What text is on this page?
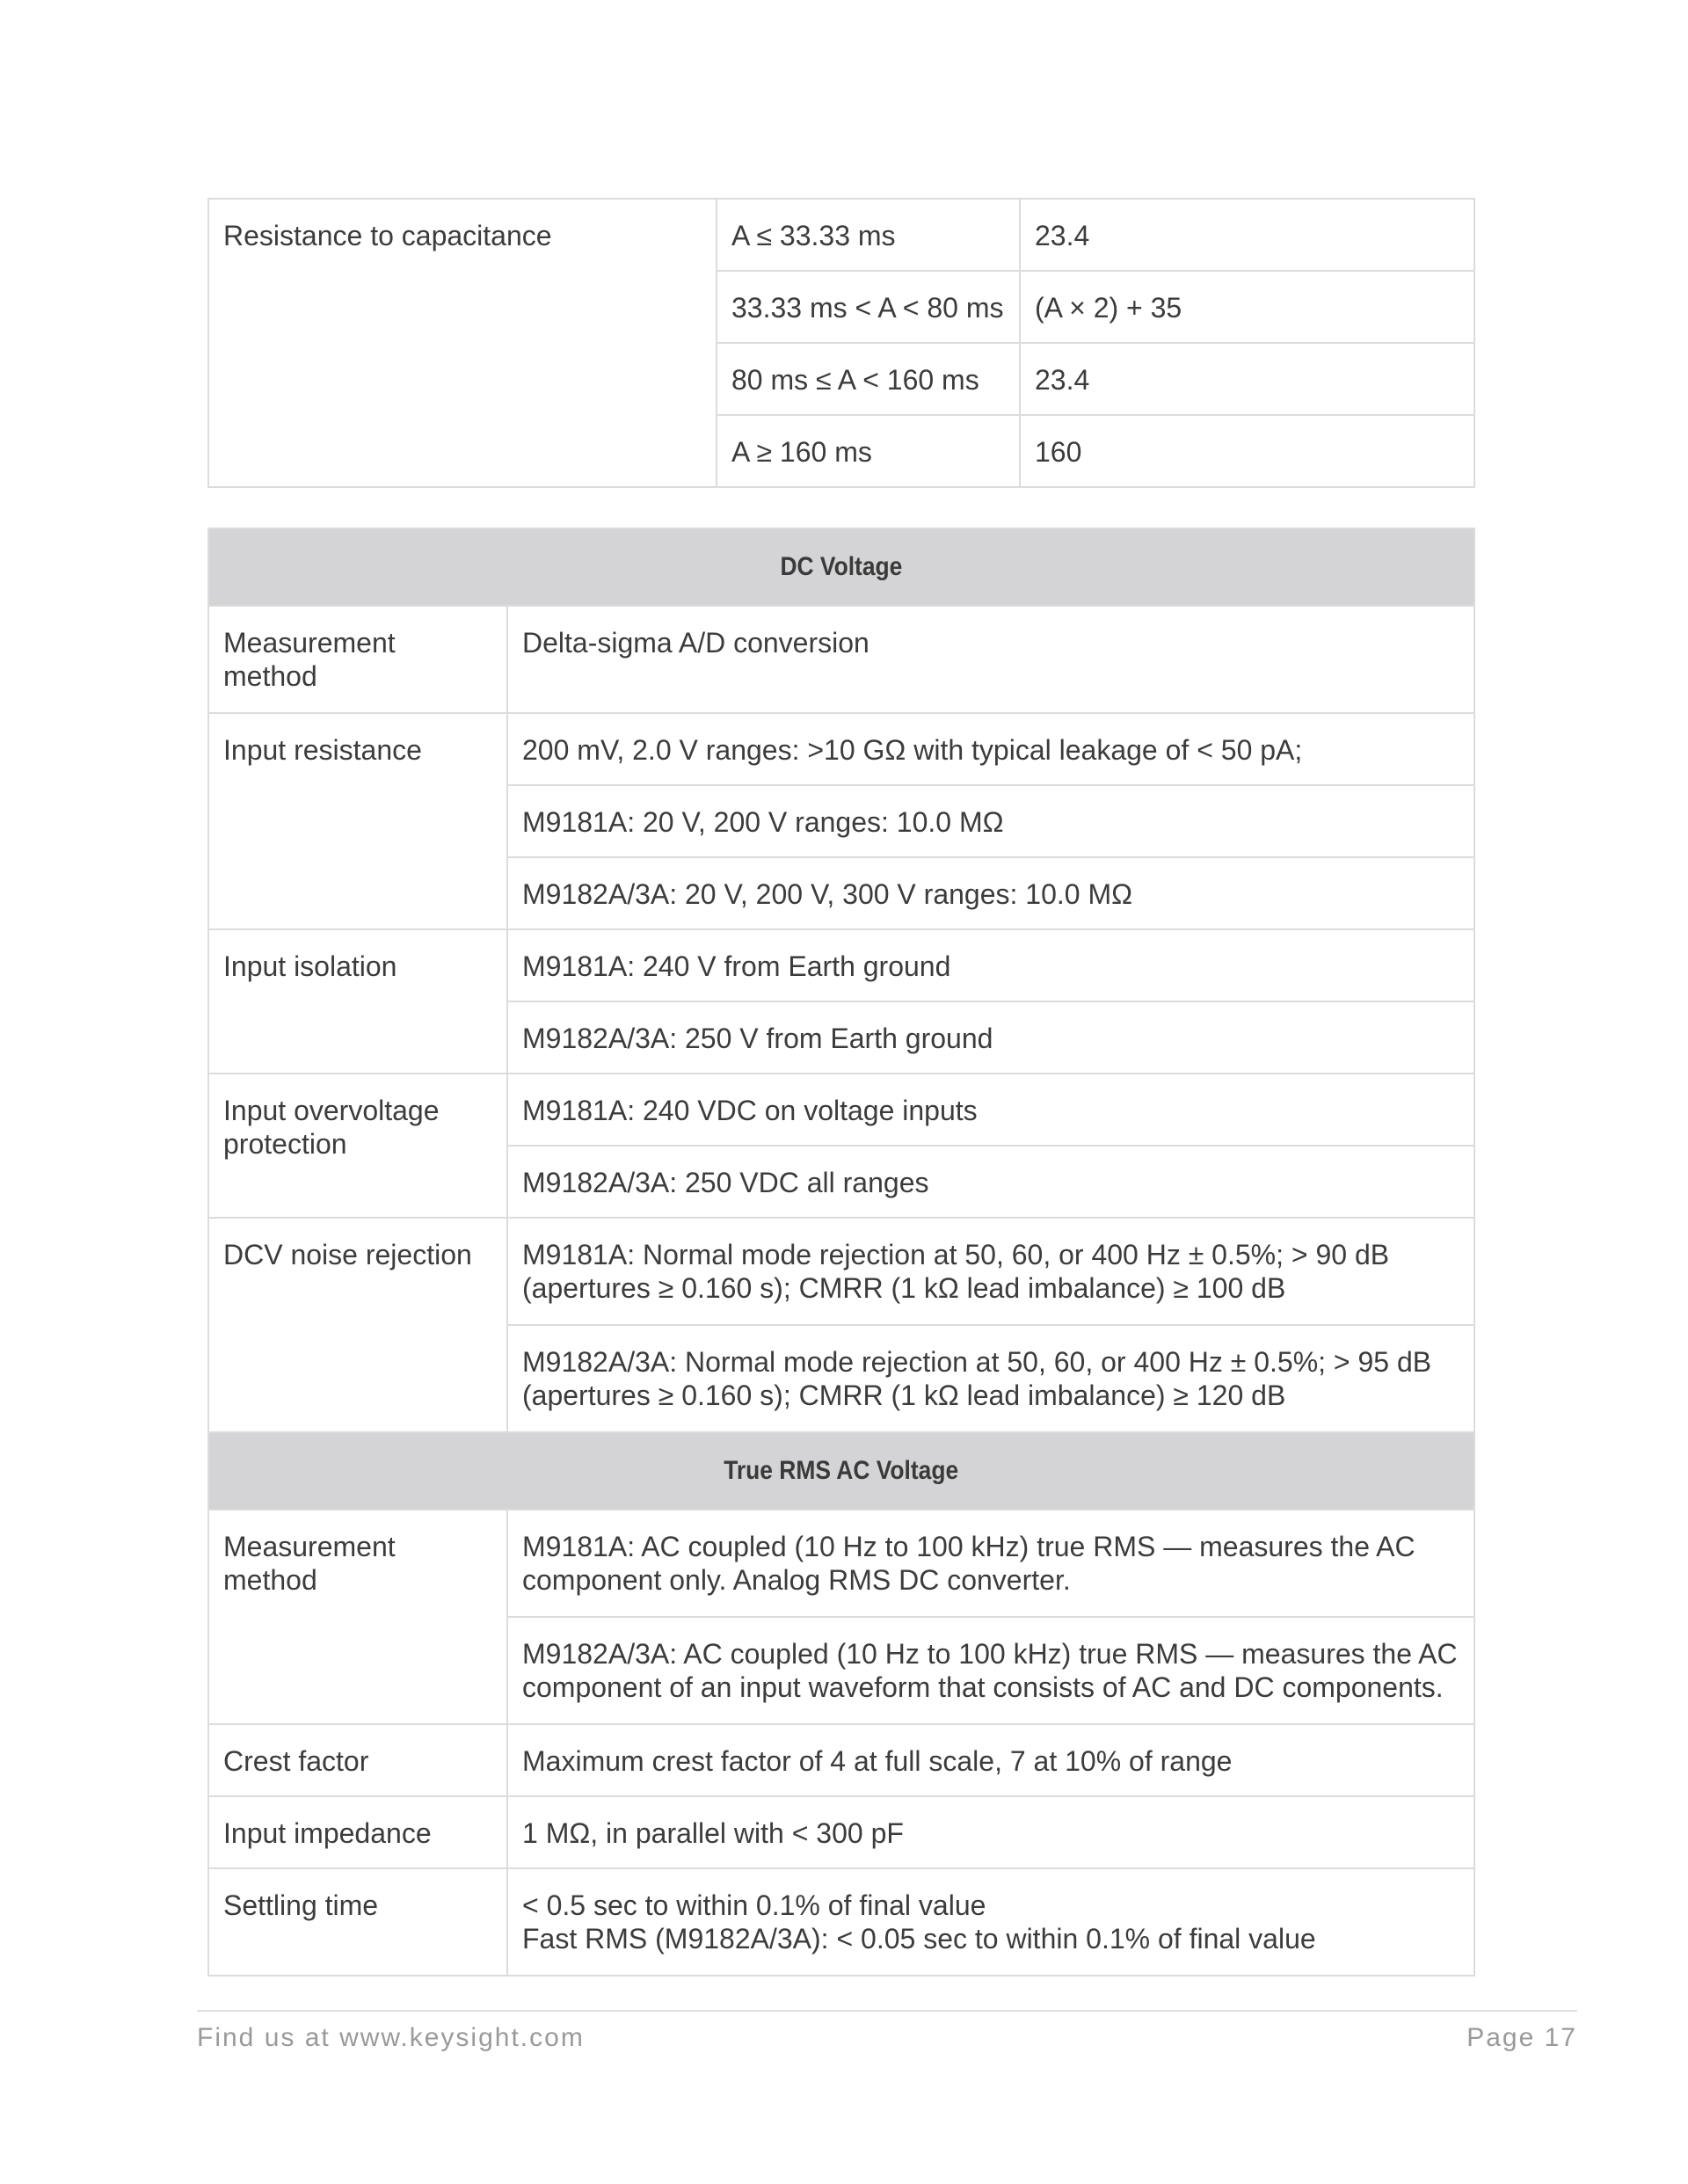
Resistance to capacitance	A ≤ 33.33 ms	23.4
	33.33 ms < A < 80 ms	(A × 2) + 35
	80 ms ≤ A < 160 ms	23.4
	A ≥ 160 ms	160
DC Voltage	
Measurement method	Delta-sigma A/D conversion
Input resistance	200 mV, 2.0 V ranges: >10 GΩ with typical leakage of < 50 pA;
	M9181A: 20 V, 200 V ranges: 10.0 MΩ
	M9182A/3A: 20 V, 200 V, 300 V ranges: 10.0 MΩ
Input isolation	M9181A: 240 V from Earth ground
	M9182A/3A: 250 V from Earth ground
Input overvoltage protection	M9181A: 240 VDC on voltage inputs
	M9182A/3A: 250 VDC all ranges
DCV noise rejection	M9181A: Normal mode rejection at 50, 60, or 400 Hz ± 0.5%; > 90 dB (apertures ≥ 0.160 s); CMRR (1 kΩ lead imbalance) ≥ 100 dB
	M9182A/3A: Normal mode rejection at 50, 60, or 400 Hz ± 0.5%; > 95 dB (apertures ≥ 0.160 s); CMRR (1 kΩ lead imbalance) ≥ 120 dB
True RMS AC Voltage	
Measurement method	M9181A: AC coupled (10 Hz to 100 kHz) true RMS — measures the AC component only. Analog RMS DC converter.
	M9182A/3A: AC coupled (10 Hz to 100 kHz) true RMS — measures the AC component of an input waveform that consists of AC and DC components.
Crest factor	Maximum crest factor of 4 at full scale, 7 at 10% of range
Input impedance	1 MΩ, in parallel with < 300 pF
Settling time	< 0.5 sec to within 0.1% of final value
Fast RMS (M9182A/3A): < 0.05 sec to within 0.1% of final value
Find us at www.keysight.com	Page 17
